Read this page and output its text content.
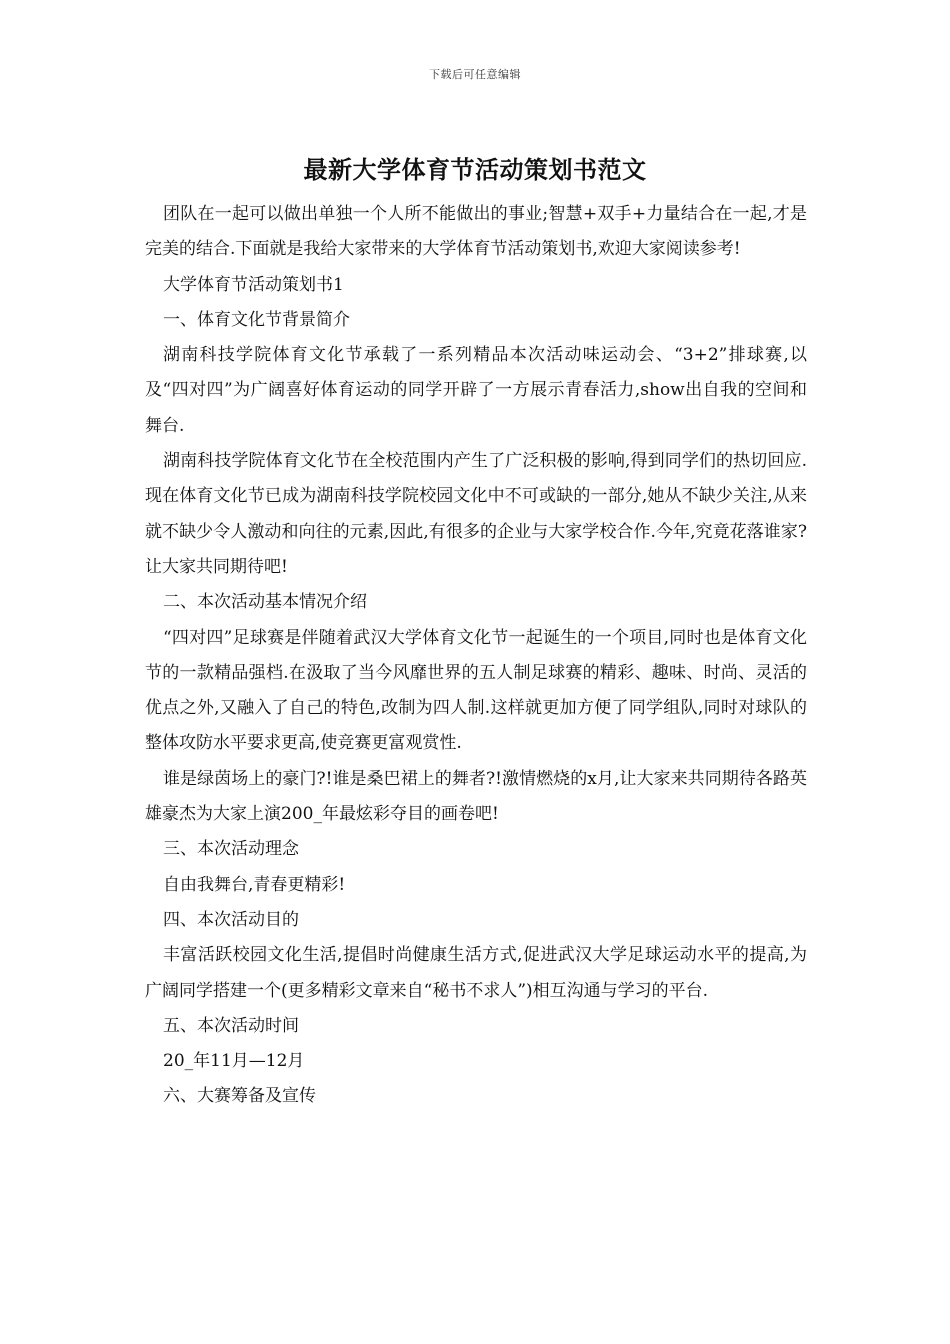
下载后可任意编辑
最新大学体育节活动策划书范文

团队在一起可以做出单独一个人所不能做出的事业;智慧+双手+力量结合在一起,才是完美的结合.下面就是我给大家带来的大学体育节活动策划书,欢迎大家阅读参考!

大学体育节活动策划书1

一、体育文化节背景简介

湖南科技学院体育文化节承载了一系列精品本次活动味运动会、“3+2”排球赛,以及“四对四”为广阔喜好体育运动的同学开辟了一方展示青春活力,show出自我的空间和舞台.

湖南科技学院体育文化节在全校范围内产生了广泛积极的影响,得到同学们的热切回应.现在体育文化节已成为湖南科技学院校园文化中不可或缺的一部分,她从不缺少关注,从来就不缺少令人激动和向往的元素,因此,有很多的企业与大家学校合作.今年,究竟花落谁家?让大家共同期待吧!

二、本次活动基本情况介绍

“四对四”足球赛是伴随着武汉大学体育文化节一起诞生的一个项目,同时也是体育文化节的一款精品强档.在汲取了当今风靡世界的五人制足球赛的精彩、趣味、时尚、灵活的优点之外,又融入了自己的特色,改制为四人制.这样就更加方便了同学组队,同时对球队的整体攻防水平要求更高,使竞赛更富观赏性.

谁是绿茵场上的豪门?!谁是桑巴裙上的舞者?!激情燃烧的x月,让大家来共同期待各路英雄豪杰为大家上演200_年最炫彩夺目的画卷吧!

三、本次活动理念

自由我舞台,青春更精彩!

四、本次活动目的

丰富活跃校园文化生活,提倡时尚健康生活方式,促进武汉大学足球运动水平的提高,为广阔同学搭建一个(更多精彩文章来自“秘书不求人”)相互沟通与学习的平台.

五、本次活动时间

20_年11月—12月

六、大赛筹备及宣传
